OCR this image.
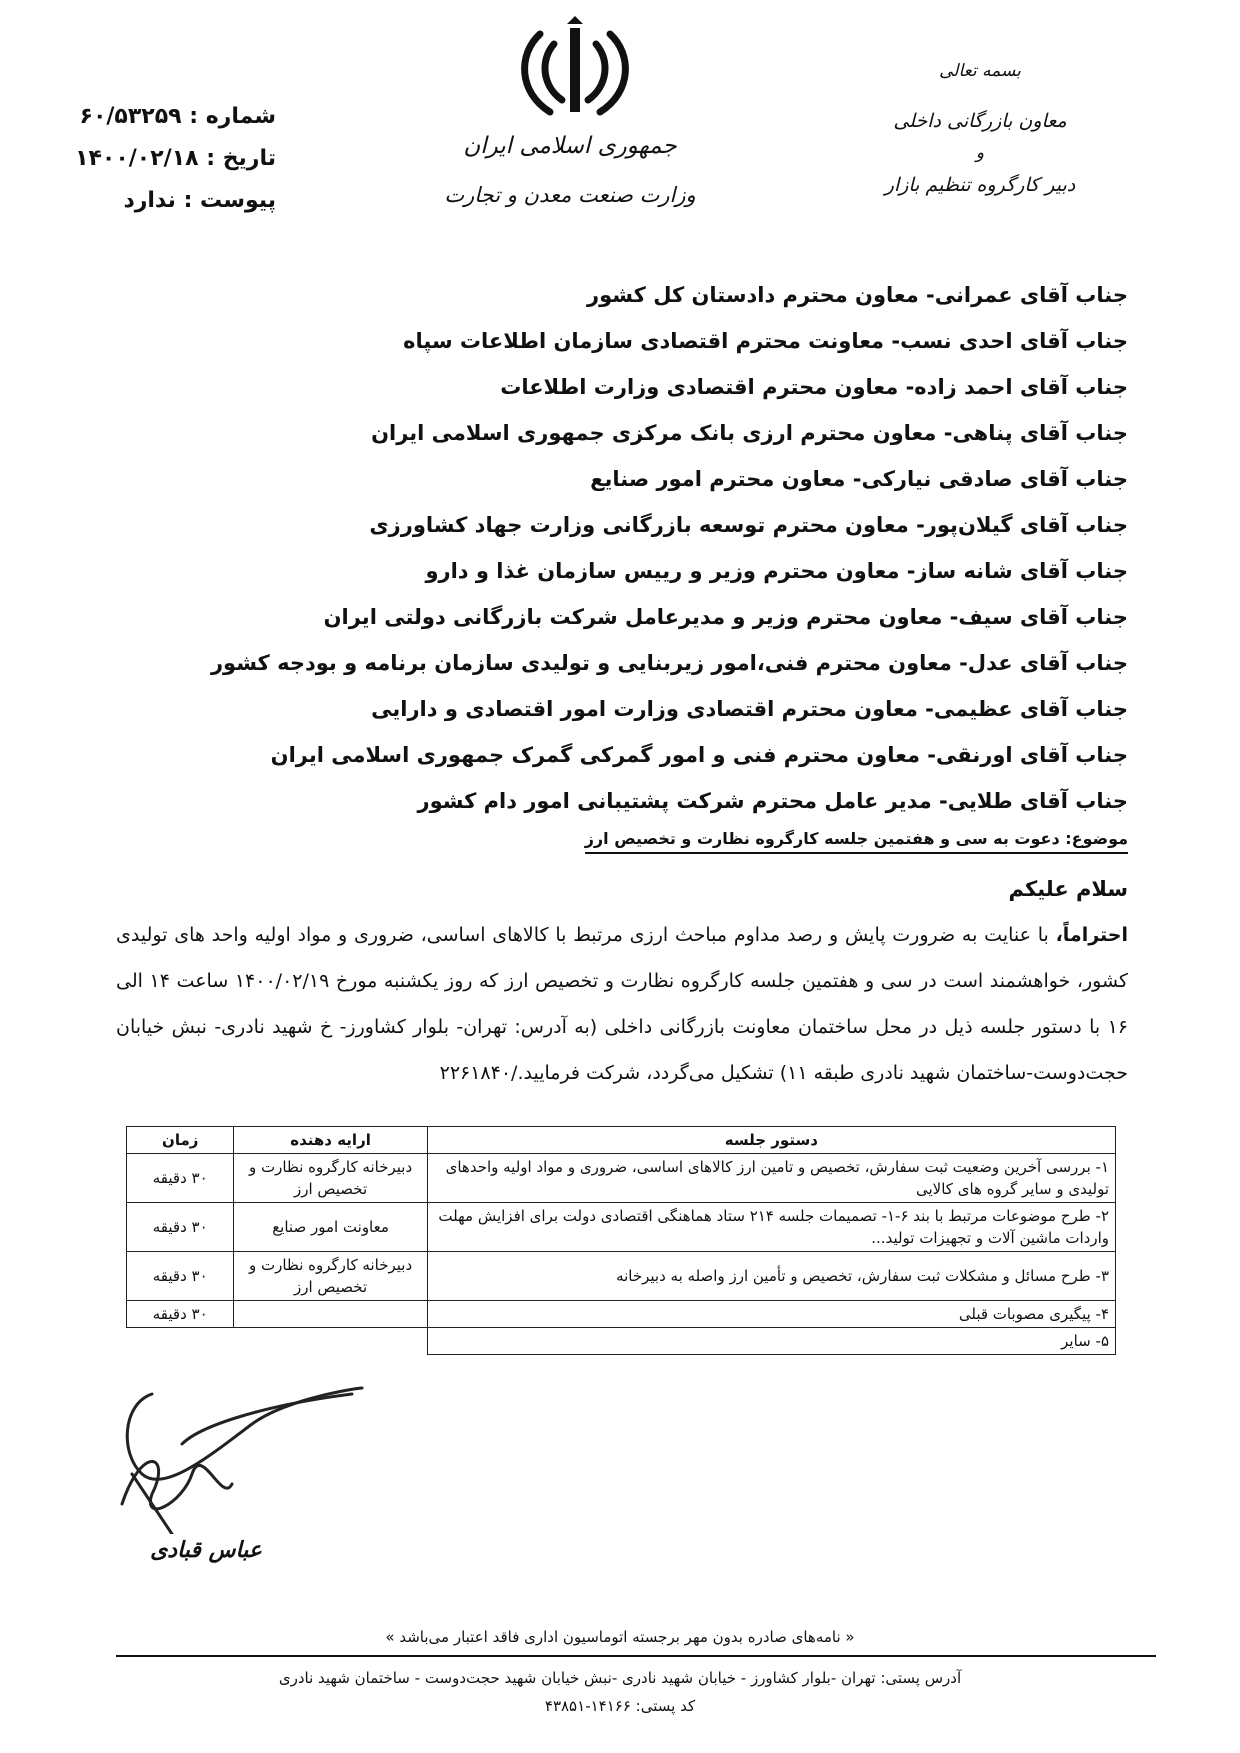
شماره : ۶۰/۵۳۲۵۹
تاریخ : ۱۴۰۰/۰۲/۱۸
پیوست : ندارد
جمهوری اسلامی ایران
وزارت صنعت معدن و تجارت
بسمه تعالی
معاون بازرگانی داخلی
و
دبیر کارگروه تنظیم بازار
جناب آقای عمرانی- معاون محترم دادستان کل کشور
جناب آقای احدی نسب- معاونت محترم اقتصادی سازمان اطلاعات سپاه
جناب آقای احمد زاده- معاون محترم اقتصادی وزارت اطلاعات
جناب آقای پناهی- معاون محترم ارزی بانک مرکزی جمهوری اسلامی ایران
جناب آقای صادقی نیارکی- معاون محترم امور صنایع
جناب آقای گیلان‌پور- معاون محترم توسعه بازرگانی وزارت جهاد کشاورزی
جناب آقای شانه ساز- معاون محترم وزیر و رییس سازمان غذا و دارو
جناب آقای سیف- معاون محترم وزیر و مدیرعامل شرکت بازرگانی دولتی ایران
جناب آقای عدل- معاون محترم فنی،امور زیربنایی و تولیدی سازمان برنامه و بودجه کشور
جناب آقای عظیمی- معاون محترم اقتصادی وزارت امور اقتصادی و دارایی
جناب آقای اورنقی- معاون محترم فنی و امور گمرکی گمرک جمهوری اسلامی ایران
جناب آقای طلایی- مدیر عامل محترم شرکت پشتیبانی امور دام کشور
موضوع: دعوت به سی و هفتمین جلسه کارگروه نظارت و تخصیص ارز
سلام علیکم
احتراماً، با عنایت به ضرورت پایش و رصد مداوم مباحث ارزی مرتبط با کالاهای اساسی، ضروری و مواد اولیه واحد های تولیدی کشور، خواهشمند است در سی و هفتمین جلسه کارگروه نظارت و تخصیص ارز که روز یکشنبه مورخ ۱۴۰۰/۰۲/۱۹ ساعت ۱۴ الی ۱۶ با دستور جلسه ذیل در محل ساختمان معاونت بازرگانی داخلی (به آدرس: تهران- بلوار کشاورز- خ شهید نادری- نبش خیابان حجت‌دوست-ساختمان شهید نادری طبقه ۱۱) تشکیل می‌گردد، شرکت فرمایید./۲۲۶۱۸۴۰
دستور جلسه	ارایه دهنده	زمان
۱- بررسی آخرین وضعیت ثبت سفارش، تخصیص و تامین ارز کالاهای اساسی، ضروری و مواد اولیه واحدهای تولیدی و سایر گروه های کالایی	دبیرخانه کارگروه نظارت و تخصیص ارز	۳۰ دقیقه
۲- طرح موضوعات مرتبط با بند ۶-۱- تصمیمات جلسه ۲۱۴ ستاد هماهنگی اقتصادی دولت برای افزایش مهلت واردات ماشین آلات و تجهیزات تولید...	معاونت امور صنایع	۳۰ دقیقه
۳- طرح مسائل و مشکلات ثبت سفارش، تخصیص و تأمین ارز واصله به دبیرخانه	دبیرخانه کارگروه نظارت و تخصیص ارز	۳۰ دقیقه
۴- پیگیری مصوبات قبلی		۳۰ دقیقه
۵- سایر		
عباس قبادی
« نامه‌های صادره بدون مهر برجسته اتوماسیون اداری فاقد اعتبار می‌باشد »
آدرس پستی: تهران -بلوار کشاورز - خیابان شهید نادری -نبش خیابان شهید حجت‌دوست - ساختمان شهید نادری
کد پستی: ۱۴۱۶۶-۴۳۸۵۱
